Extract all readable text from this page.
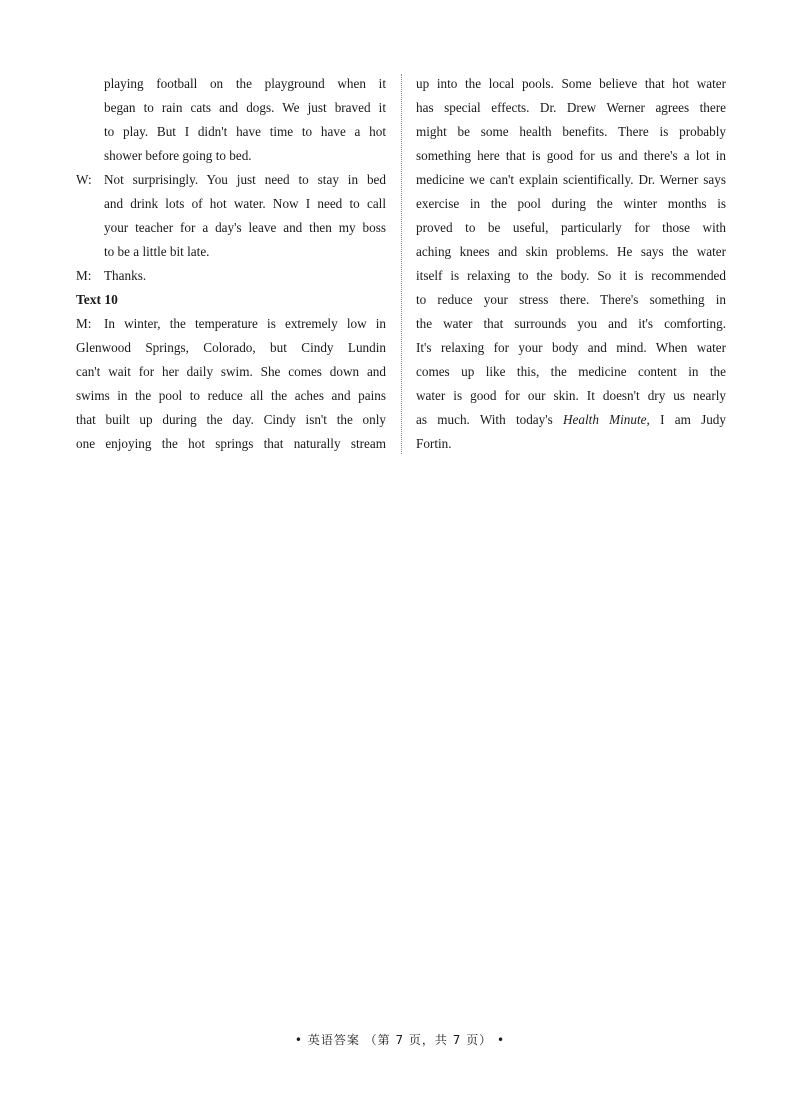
playing football on the playground when it
began to rain cats and dogs. We just braved it
to play. But I didn't have time to have a hot
shower before going to bed.
W: Not surprisingly. You just need to stay in bed
and drink lots of hot water. Now I need to call
your teacher for a day's leave and then my boss
to be a little bit late.
M: Thanks.
Text 10
M: In winter, the temperature is extremely low in
Glenwood Springs, Colorado, but Cindy Lundin
can't wait for her daily swim. She comes down and
swims in the pool to reduce all the aches and pains
that built up during the day. Cindy isn't the only
one enjoying the hot springs that naturally stream
up into the local pools. Some believe that hot water
has special effects. Dr. Drew Werner agrees there
might be some health benefits. There is probably
something here that is good for us and there's a lot in
medicine we can't explain scientifically. Dr. Werner says
exercise in the pool during the winter months is
proved to be useful, particularly for those with
aching knees and skin problems. He says the water
itself is relaxing to the body. So it is recommended
to reduce your stress there. There's something in
the water that surrounds you and it's comforting.
It's relaxing for your body and mind. When water
comes up like this, the medicine content in the
water is good for our skin. It doesn't dry us nearly
as much. With today's Health Minute, I am Judy
Fortin.
• 英语答案 （第 7 页，共 7 页） •
